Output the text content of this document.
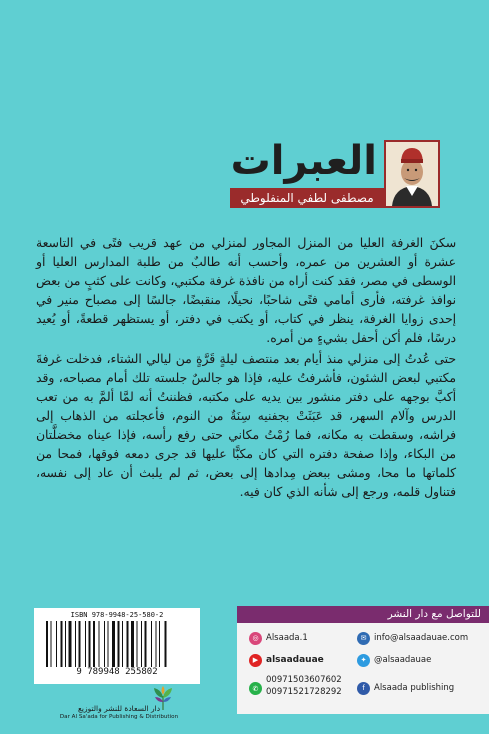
العبرات
مصطفى لطفي المنفلوطي

سكنَ الغرفة العليا من المنزل المجاور لمنزلي من عهد قريب فتًى في التاسعة عشرة أو العشرين من عمره، وأحسب أنه طالبٌ من طلبة المدارس العليا أو الوسطى في مصر، فقد كنت أراه من نافذة غرفة مكتبي، وكانت على كثبٍ من بعض نوافذ غرفته، فأرى أمامي فتًى شاحبًا، نحيلًا، منقبضًا، جالسًا إلى مصباح منير في إحدى زوايا الغرفة، ينظر في كتاب، أو يكتب في دفتر، أو يستظهر قطعةً، أو يُعيد درسًا، فلم أكن أحفل بشيءٍ من أمره.

حتى عُدتُ إلى منزلي منذ أيام بعد منتصف ليلةٍ قَرَّةٍ من ليالي الشتاء، فدخلت غرفةَ مكتبي لبعض الشئون، فأشرفتُ عليه، فإذا هو جالسٌ جلسته تلك أمام مصباحه، وقد أكبَّ بوجهه على دفتر منشور بين يديه على مكتبه، فظننتُ أنه لمَّا ألمَّ به من تعب الدرس وآلام السهر، قد عَبَثَتْ بجفنيه سِنَةٌ من النوم، فأعجلته من الذهاب إلى فراشه، وسقطت به مكانه، فما رُمْتُ مكاني حتى رفع رأسه، فإذا عيناه مخضلَّتان من البكاء، وإذا صفحة دفتره التي كان مكبًّا عليها قد جرى دمعه فوقها، فمحا من كلماتها ما محا، ومشى ببعض مِدادها إلى بعض، ثم لم يلبث أن عاد إلى نفسه، فتناول قلمه، ورجع إلى شأنه الذي كان فيه.

ISBN 978-9948-25-580-2
9 789948 255802
دار السعادة للنشر والتوزيع
Dar Al Sa'ada for Publishing & Distribution
للتواصل مع دار النشر
◎ Alsaada.1
▶ alsaadauae
✆
00971503607602
00971521728292
✉ info@alsaadauae.com
✦ @alsaadauae
f	Alsaada publishing
